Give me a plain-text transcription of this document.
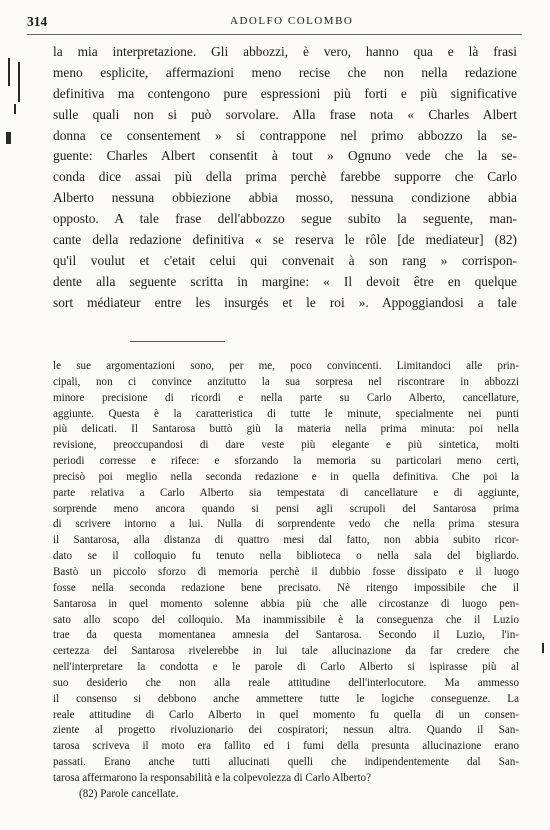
314	ADOLFO COLOMBO
la mia interpretazione. Gli abbozzi, è vero, hanno qua e là frasi
meno esplicite, affermazioni meno recise che non nella redazione
definitiva ma contengono pure espressioni più forti e più significative
sulle quali non si può sorvolare. Alla frase nota « Charles Albert
donna ce consentement » si contrappone nel primo abbozzo la se-
guente: Charles Albert consentit à tout » Ognuno vede che la se-
conda dice assai più della prima perchè farebbe supporre che Carlo
Alberto nessuna obbiezione abbia mosso, nessuna condizione abbia
opposto. A tale frase dell'abbozzo segue subito la seguente, man-
cante della redazione definitiva « se reserva le rôle [de mediateur] (82)
qu'il voulut et c'etait celui qui convenait à son rang » corrispon-
dente alla seguente scritta in margine: « Il devoit être en quelque
sort médiateur entre les insurgés et le roi ». Appoggiandosi a tale
le sue argomentazioni sono, per me, poco convincenti. Limitandoci alle prin-
cipali, non ci convince anzitutto la sua sorpresa nel riscontrare in abbozzi
minore precisione di ricordi e nella parte su Carlo Alberto, cancellature,
aggiunte. Questa è la caratteristica di tutte le minute, specialmente nei punti
più delicati. Il Santarosa buttò giù la materia nella prima minuta: poi nella
revisione, preoccupandosi di dare veste più elegante e più sintetica, molti
periodi corresse e rifece: e sforzando la memoria su particolari meno certi,
precisò poi meglio nella seconda redazione e in quella definitiva. Che poi la
parte relativa a Carlo Alberto sia tempestata di cancellature e di aggiunte,
sorprende meno ancora quando si pensi agli scrupoli del Santarosa prima
di scrivere intorno a lui. Nulla di sorprendente vedo che nella prima stesura
il Santarosa, alla distanza di quattro mesi dal fatto, non abbia subito ricor-
dato se il colloquio fu tenuto nella biblioteca o nella sala del bigliardo.
Bastò un piccolo sforzo di memoria perchè il dubbio fosse dissipato e il luogo
fosse nella seconda redazione bene precisato. Nè ritengo impossibile che il
Santarosa in quel momento solenne abbia più che alle circostanze di luogo pen-
sato allo scopo del colloquio. Ma inammissibile è la conseguenza che il Luzio
trae da questa momentanea amnesia del Santarosa. Secondo il Luzio, l'in-
certezza del Santarosa rivelerebbe in lui tale allucinazione da far credere che
nell'interpretare la condotta e le parole di Carlo Alberto si ispirasse più al
suo desiderio che non alla reale attitudine dell'interlocutore. Ma ammesso
il consenso si debbono anche ammettere tutte le logiche conseguenze. La
reale attitudine di Carlo Alberto in quel momento fu quella di un consen-
ziente al progetto rivoluzionario dei cospiratori; nessun altra. Quando il San-
tarosa scriveva il moto era fallito ed i fumi della presunta allucinazione erano
passati. Erano anche tutti allucinati quelli che indipendentemente dal San-
tarosa affermarono la responsabilità e la colpevolezza di Carlo Alberto?
(82) Parole cancellate.
